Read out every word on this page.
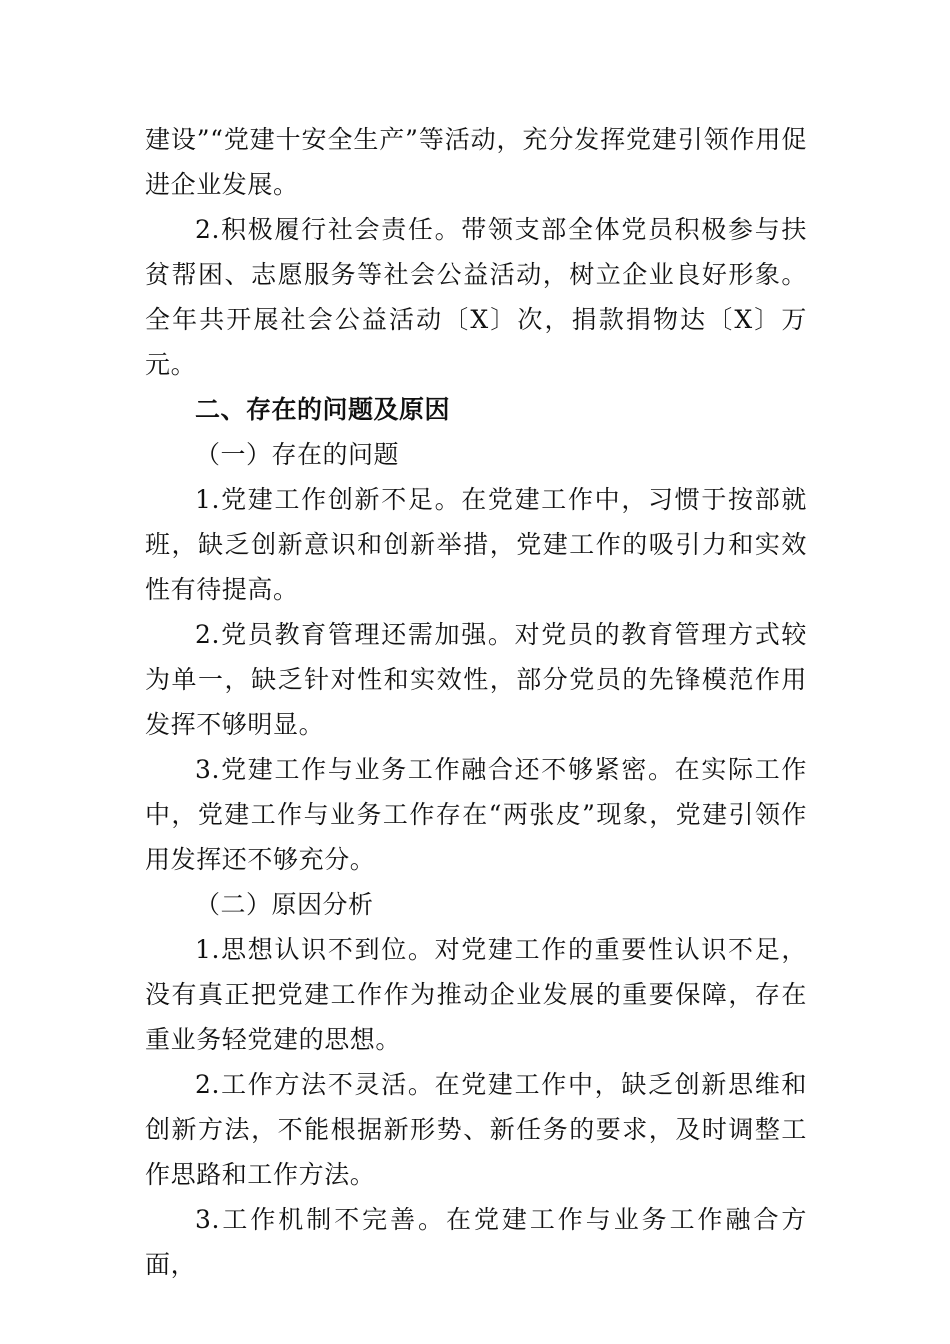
建设”“党建十安全生产”等活动，充分发挥党建引领作用促进企业发展。

2.积极履行社会责任。带领支部全体党员积极参与扶贫帮困、志愿服务等社会公益活动，树立企业良好形象。全年共开展社会公益活动〔X〕次，捐款捐物达〔X〕万元。

二、存在的问题及原因

（一）存在的问题

1.党建工作创新不足。在党建工作中，习惯于按部就班，缺乏创新意识和创新举措，党建工作的吸引力和实效性有待提高。

2.党员教育管理还需加强。对党员的教育管理方式较为单一，缺乏针对性和实效性，部分党员的先锋模范作用发挥不够明显。

3.党建工作与业务工作融合还不够紧密。在实际工作中，党建工作与业务工作存在“两张皮”现象，党建引领作用发挥还不够充分。

（二）原因分析

1.思想认识不到位。对党建工作的重要性认识不足，没有真正把党建工作作为推动企业发展的重要保障，存在重业务轻党建的思想。

2.工作方法不灵活。在党建工作中，缺乏创新思维和创新方法，不能根据新形势、新任务的要求，及时调整工作思路和工作方法。

3.工作机制不完善。在党建工作与业务工作融合方面，
